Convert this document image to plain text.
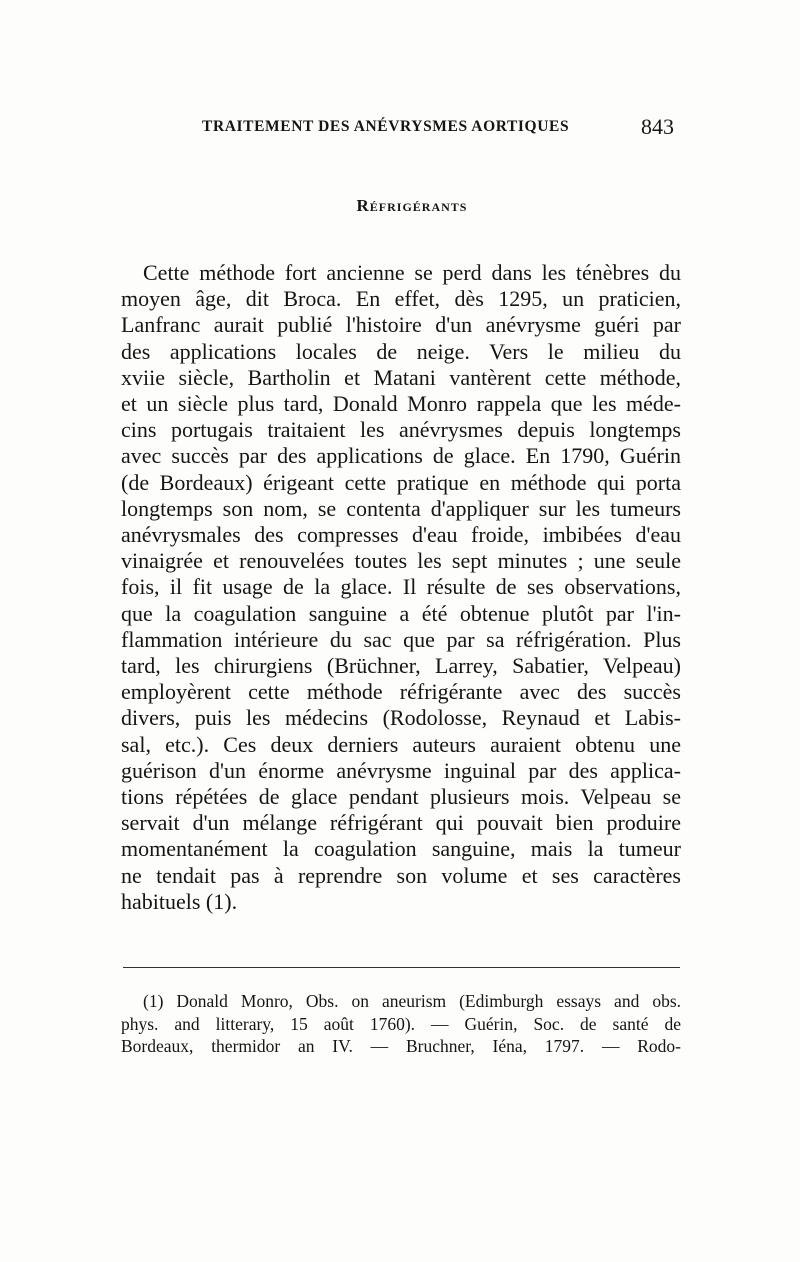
TRAITEMENT DES ANÉVRYSMES AORTIQUES	843
Réfrigérants
Cette méthode fort ancienne se perd dans les ténèbres du
moyen âge, dit Broca. En effet, dès 1295, un praticien,
Lanfranc aurait publié l'histoire d'un anévrysme guéri par
des applications locales de neige. Vers le milieu du
xviie siècle, Bartholin et Matani vantèrent cette méthode,
et un siècle plus tard, Donald Monro rappela que les méde-
cins portugais traitaient les anévrysmes depuis longtemps
avec succès par des applications de glace. En 1790, Guérin
(de Bordeaux) érigeant cette pratique en méthode qui porta
longtemps son nom, se contenta d'appliquer sur les tumeurs
anévrysmales des compresses d'eau froide, imbibées d'eau
vinaigrée et renouvelées toutes les sept minutes ; une seule
fois, il fit usage de la glace. Il résulte de ses observations,
que la coagulation sanguine a été obtenue plutôt par l'in-
flammation intérieure du sac que par sa réfrigération. Plus
tard, les chirurgiens (Brüchner, Larrey, Sabatier, Velpeau)
employèrent cette méthode réfrigérante avec des succès
divers, puis les médecins (Rodolosse, Reynaud et Labis-
sal, etc.). Ces deux derniers auteurs auraient obtenu une
guérison d'un énorme anévrysme inguinal par des applica-
tions répétées de glace pendant plusieurs mois. Velpeau se
servait d'un mélange réfrigérant qui pouvait bien produire
momentanément la coagulation sanguine, mais la tumeur
ne tendait pas à reprendre son volume et ses caractères
habituels (1).
(1) Donald Monro, Obs. on aneurism (Edimburgh essays and obs.
phys. and litterary, 15 août 1760). — Guérin, Soc. de santé de
Bordeaux, thermidor an IV. — Bruchner, Iéna, 1797. — Rodo-
